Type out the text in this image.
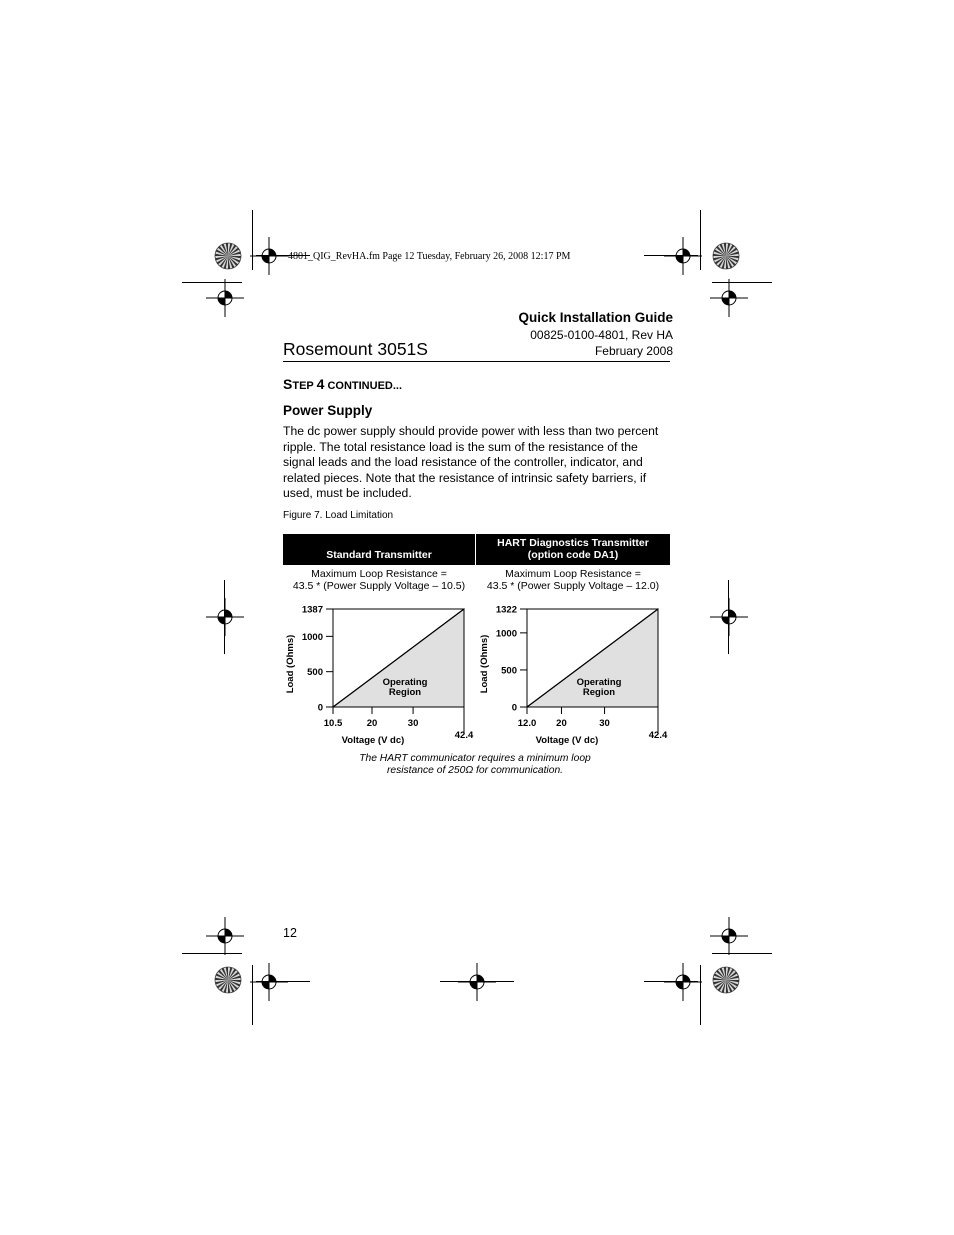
4801_QIG_RevHA.fm Page 12 Tuesday, February 26, 2008 12:17 PM
Quick Installation Guide
00825-0100-4801, Rev HA
February 2008
Rosemount 3051S
STEP 4 CONTINUED...
Power Supply
The dc power supply should provide power with less than two percent
ripple. The total resistance load is the sum of the resistance of the
signal leads and the load resistance of the controller, indicator, and
related pieces. Note that the resistance of intrinsic safety barriers, if
used, must be included.
Figure 7. Load Limitation
Standard Transmitter
HART Diagnostics Transmitter
(option code DA1)
Maximum Loop Resistance =
43.5 * (Power Supply Voltage – 10.5)
Maximum Loop Resistance =
43.5 * (Power Supply Voltage – 12.0)
0
500
1000
1387
10.5	20	30
42.4
Voltage (V dc)
Load (Ohms)	Operating
Region
0
500
1000
1322
12.0 20	30
42.4
Voltage (V dc)
Load (Ohms)	Operating
Region
The HART communicator requires a minimum loop
resistance of 250Ω for communication.
12
